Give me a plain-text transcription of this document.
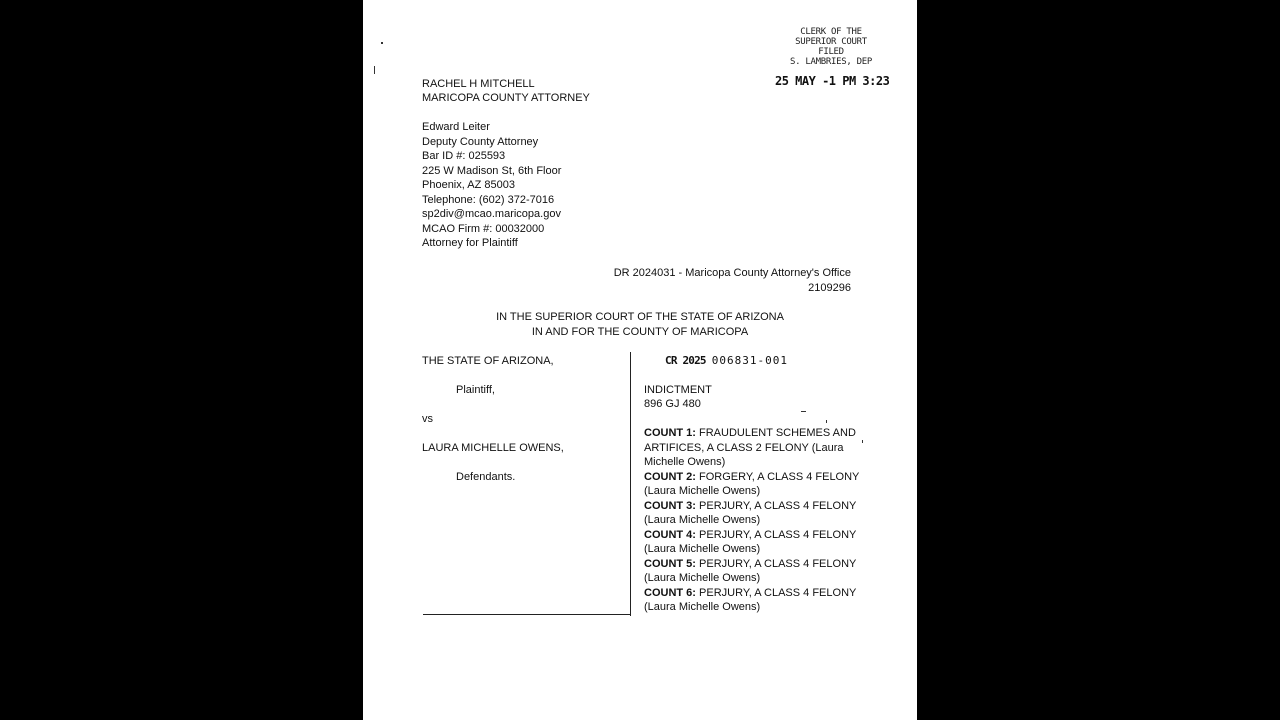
CLERK OF THE
SUPERIOR COURT
FILED
S. LAMBRIES, DEP
25 MAY -1 PM 3:23
RACHEL H MITCHELL
MARICOPA COUNTY ATTORNEY
Edward Leiter
Deputy County Attorney
Bar ID #: 025593
225 W Madison St, 6th Floor
Phoenix, AZ 85003
Telephone: (602) 372-7016
sp2div@mcao.maricopa.gov
MCAO Firm #: 00032000
Attorney for Plaintiff
DR 2024031 - Maricopa County Attorney's Office
2109296
IN THE SUPERIOR COURT OF THE STATE OF ARIZONA
IN AND FOR THE COUNTY OF MARICOPA
THE STATE OF ARIZONA,
Plaintiff,
vs
LAURA MICHELLE OWENS,
Defendants.
CR 2025 006831-001
INDICTMENT
896 GJ 480
COUNT 1: FRAUDULENT SCHEMES AND
ARTIFICES, A CLASS 2 FELONY (Laura
Michelle Owens)
COUNT 2: FORGERY, A CLASS 4 FELONY
(Laura Michelle Owens)
COUNT 3: PERJURY, A CLASS 4 FELONY
(Laura Michelle Owens)
COUNT 4: PERJURY, A CLASS 4 FELONY
(Laura Michelle Owens)
COUNT 5: PERJURY, A CLASS 4 FELONY
(Laura Michelle Owens)
COUNT 6: PERJURY, A CLASS 4 FELONY
(Laura Michelle Owens)
